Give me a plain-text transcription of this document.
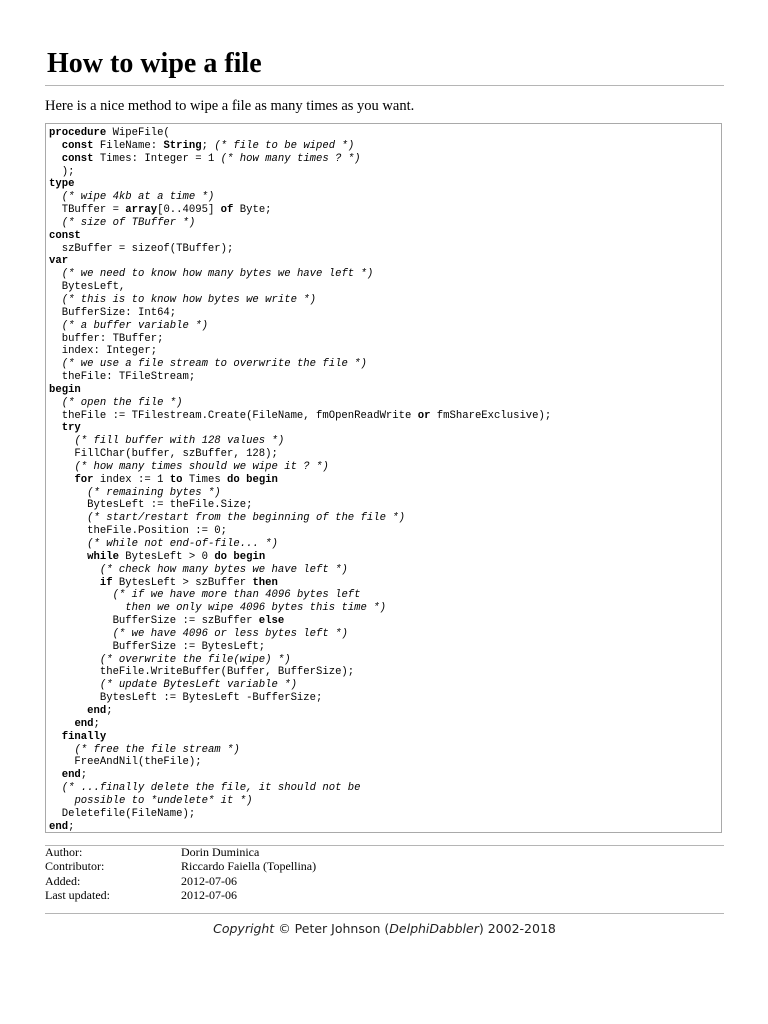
How to wipe a file
Here is a nice method to wipe a file as many times as you want.
procedure WipeFile(
const FileName: String; (* file to be wiped *)
const Times: Integer = 1 (* how many times ? *)
);
type
(* wipe 4kb at a time *)
TBuffer = array[0..4095] of Byte;
(* size of TBuffer *)
const
szBuffer = sizeof(TBuffer);
var
(* we need to know how many bytes we have left *)
BytesLeft,
(* this is to know how bytes we write *)
BufferSize: Int64;
(* a buffer variable *)
buffer: TBuffer;
index: Integer;
(* we use a file stream to overwrite the file *)
theFile: TFileStream;
begin
(* open the file *)
theFile := TFilestream.Create(FileName, fmOpenReadWrite or fmShareExclusive);
try
(* fill buffer with 128 values *)
FillChar(buffer, szBuffer, 128);
(* how many times should we wipe it ? *)
for index := 1 to Times do begin
(* remaining bytes *)
BytesLeft := theFile.Size;
(* start/restart from the beginning of the file *)
theFile.Position := 0;
(* while not end-of-file... *)
while BytesLeft > 0 do begin
(* check how many bytes we have left *)
if BytesLeft > szBuffer then
(* if we have more than 4096 bytes left
then we only wipe 4096 bytes this time *)
BufferSize := szBuffer else
(* we have 4096 or less bytes left *)
BufferSize := BytesLeft;
(* overwrite the file(wipe) *)
theFile.WriteBuffer(Buffer, BufferSize);
(* update BytesLeft variable *)
BytesLeft := BytesLeft -BufferSize;
end;
end;
finally
(* free the file stream *)
FreeAndNil(theFile);
end;
(* ...finally delete the file, it should not be
possible to *undelete* it *)
Deletefile(FileName);
end;
Author:	Dorin Duminica
Contributor:	Riccardo Faiella (Topellina)
Added:	2012-07-06
Last updated:	2012-07-06
Copyright © Peter Johnson (DelphiDabbler) 2002-2018
